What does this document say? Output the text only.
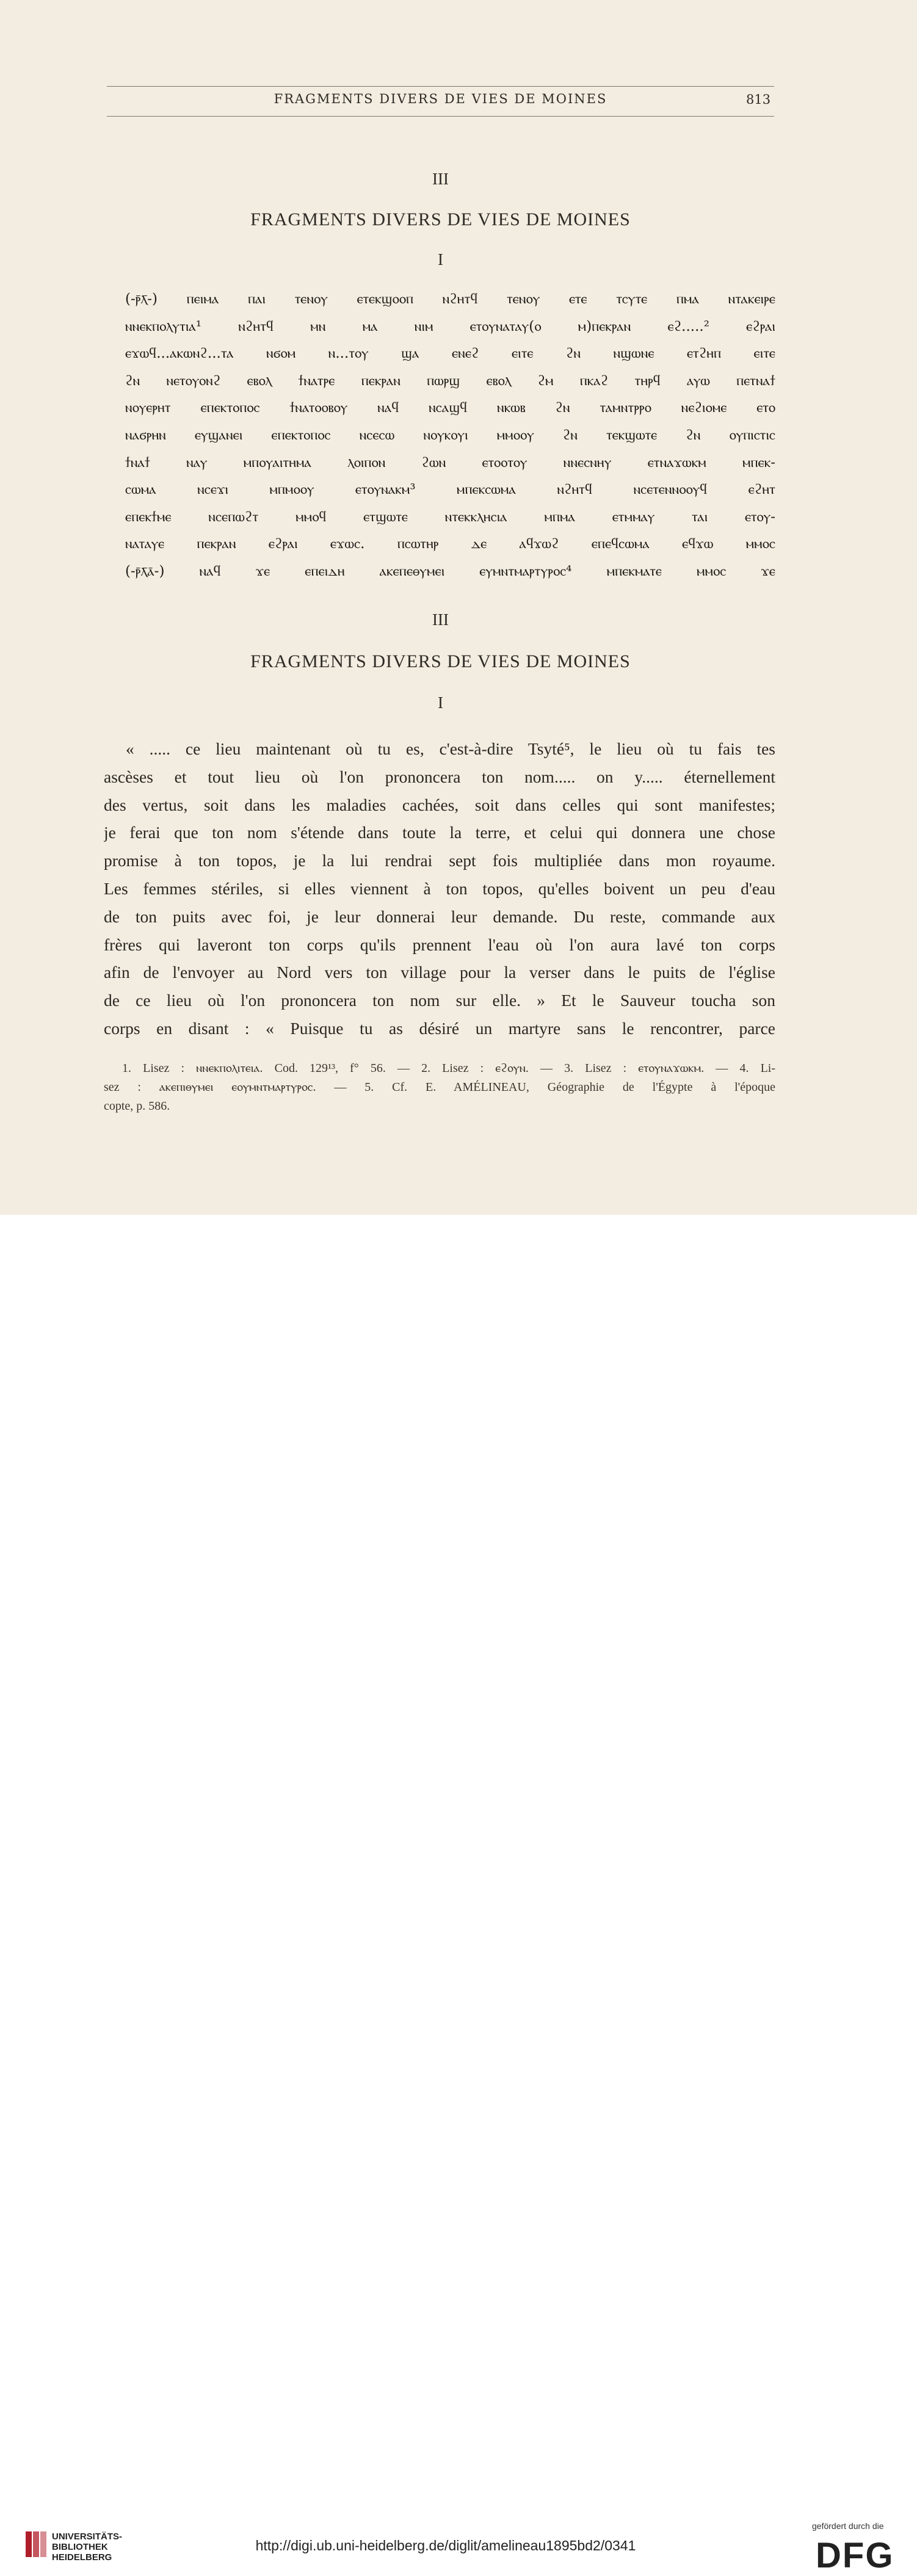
FRAGMENTS DIVERS DE VIES DE MOINES	813
III
FRAGMENTS DIVERS DE VIES DE MOINES
I
(-ⲣ̄ⲗ̄-) ⲡⲉⲓⲙⲁ ⲡⲁⲓ ⲧⲉⲛⲟⲩ ⲉⲧⲉⲕϣⲟⲟⲡ ⲛϩⲏⲧϥ ⲧⲉⲛⲟⲩ ⲉⲧⲉ ⲧⲥⲩⲧⲉ ⲡⲙⲁ ⲛⲧⲁⲕⲉⲓⲣⲉ
ⲛⲛⲉⲕⲡⲟⲗⲩⲧⲓⲁ¹ ⲛϩⲏⲧϥ ⲙⲛ ⲙⲁ ⲛⲓⲙ ⲉⲧⲟⲩⲛⲁⲧⲁⲩ(ⲟ ⲙ)ⲡⲉⲕⲣⲁⲛ ⲉϩ.....² ⲉϩⲣⲁⲓ
ⲉϫⲱϥ...ⲁⲕⲱⲛϩ...ⲧⲁ ⲛϭⲟⲙ ⲛ...ⲧⲟⲩ ϣⲁ ⲉⲛⲉϩ ⲉⲓⲧⲉ ϩⲛ ⲛϣⲱⲛⲉ ⲉⲧϩⲏⲡ ⲉⲓⲧⲉ
ϩⲛ ⲛⲉⲧⲟⲩⲟⲛϩ ⲉⲃⲟⲗ ϯⲛⲁⲧⲣⲉ ⲡⲉⲕⲣⲁⲛ ⲡⲱⲣϣ ⲉⲃⲟⲗ ϩⲙ ⲡⲕⲁϩ ⲧⲏⲣϥ ⲁⲩⲱ ⲡⲉⲧⲛⲁϯ
ⲛⲟⲩⲉⲣⲏⲧ ⲉⲡⲉⲕⲧⲟⲡⲟⲥ ϯⲛⲁⲧⲟⲟⲃⲟⲩ ⲛⲁϥ ⲛⲥⲁϣϥ ⲛⲕⲱⲃ ϩⲛ ⲧⲁⲙⲛⲧⲣⲣⲟ ⲛⲉϩⲓⲟⲙⲉ ⲉⲧⲟ
ⲛⲁϭⲣⲏⲛ ⲉⲩϣⲁⲛⲉⲓ ⲉⲡⲉⲕⲧⲟⲡⲟⲥ ⲛⲥⲉⲥⲱ ⲛⲟⲩⲕⲟⲩⲓ ⲙⲙⲟⲟⲩ ϩⲛ ⲧⲉⲕϣⲱⲧⲉ ϩⲛ ⲟⲩⲡⲓⲥⲧⲓⲥ
ϯⲛⲁϯ ⲛⲁⲩ ⲙⲡⲟⲩⲁⲓⲧⲏⲙⲁ ⲗⲟⲓⲡⲟⲛ ϩⲱⲛ ⲉⲧⲟⲟⲧⲟⲩ ⲛⲛⲉⲥⲛⲏⲩ ⲉⲧⲛⲁϫⲱⲕⲙ ⲙⲡⲉⲕ-
ⲥⲱⲙⲁ ⲛⲥⲉϫⲓ ⲙⲡⲙⲟⲟⲩ ⲉⲧⲟⲩⲛⲁⲕⲙ³ ⲙⲡⲉⲕⲥⲱⲙⲁ ⲛϩⲏⲧϥ ⲛⲥⲉⲧⲉⲛⲛⲟⲟⲩϥ ⲉϩⲏⲧ
ⲉⲡⲉⲕϯⲙⲉ ⲛⲥⲉⲡⲱϩⲧ ⲙⲙⲟϥ ⲉⲧϣⲱⲧⲉ ⲛⲧⲉⲕⲕⲗⲏⲥⲓⲁ ⲙⲡⲙⲁ ⲉⲧⲙⲙⲁⲩ ⲧⲁⲓ ⲉⲧⲟⲩ-
ⲛⲁⲧⲁⲩⲉ ⲡⲉⲕⲣⲁⲛ ⲉϩⲣⲁⲓ ⲉϫⲱⲥ. ⲡⲥⲱⲧⲏⲣ ⲇⲉ ⲁϥϫⲱϩ ⲉⲡⲉϥⲥⲱⲙⲁ ⲉϥϫⲱ ⲙⲙⲟⲥ
(-ⲣ̄ⲗ̄ⲁ̄-) ⲛⲁϥ ϫⲉ ⲉⲡⲉⲓⲇⲏ ⲁⲕⲉⲡⲉⲑⲩⲙⲉⲓ ⲉⲩⲙⲛⲧⲙⲁⲣⲧⲩⲣⲟⲥ⁴ ⲙⲡⲉⲕⲙⲁⲧⲉ ⲙⲙⲟⲥ ϫⲉ
III
FRAGMENTS DIVERS DE VIES DE MOINES
I
« ..... ce lieu maintenant où tu es, c'est-à-dire Tsyté⁵, le lieu où tu fais tes
ascèses et tout lieu où l'on prononcera ton nom..... on y..... éternellement
des vertus, soit dans les maladies cachées, soit dans celles qui sont manifestes;
je ferai que ton nom s'étende dans toute la terre, et celui qui donnera une chose
promise à ton topos, je la lui rendrai sept fois multipliée dans mon royaume.
Les femmes stériles, si elles viennent à ton topos, qu'elles boivent un peu d'eau
de ton puits avec foi, je leur donnerai leur demande. Du reste, commande aux
frères qui laveront ton corps qu'ils prennent l'eau où l'on aura lavé ton corps
afin de l'envoyer au Nord vers ton village pour la verser dans le puits de l'église
de ce lieu où l'on prononcera ton nom sur elle. » Et le Sauveur toucha son
corps en disant : « Puisque tu as désiré un martyre sans le rencontrer, parce
1. Lisez : ⲛⲛⲉⲕⲡⲟⲗⲓⲧⲉⲓⲁ. Cod. 129¹³, f° 56. — 2. Lisez : ⲉϩⲟⲩⲛ. — 3. Lisez : ⲉⲧⲟⲩⲛⲁϫⲱⲕⲙ. — 4. Li-
sez : ⲁⲕⲉⲡⲓⲑⲩⲙⲉⲓ ⲉⲟⲩⲙⲛⲧⲙⲁⲣⲧⲩⲣⲟⲥ. — 5. Cf. E. AMÉLINEAU, Géographie de l'Égypte à l'époque
copte, p. 586.
UNIVERSITÄTS-
BIBLIOTHEK
HEIDELBERG
http://digi.ub.uni-heidelberg.de/diglit/amelineau1895bd2/0341
gefördert durch die
DFG
